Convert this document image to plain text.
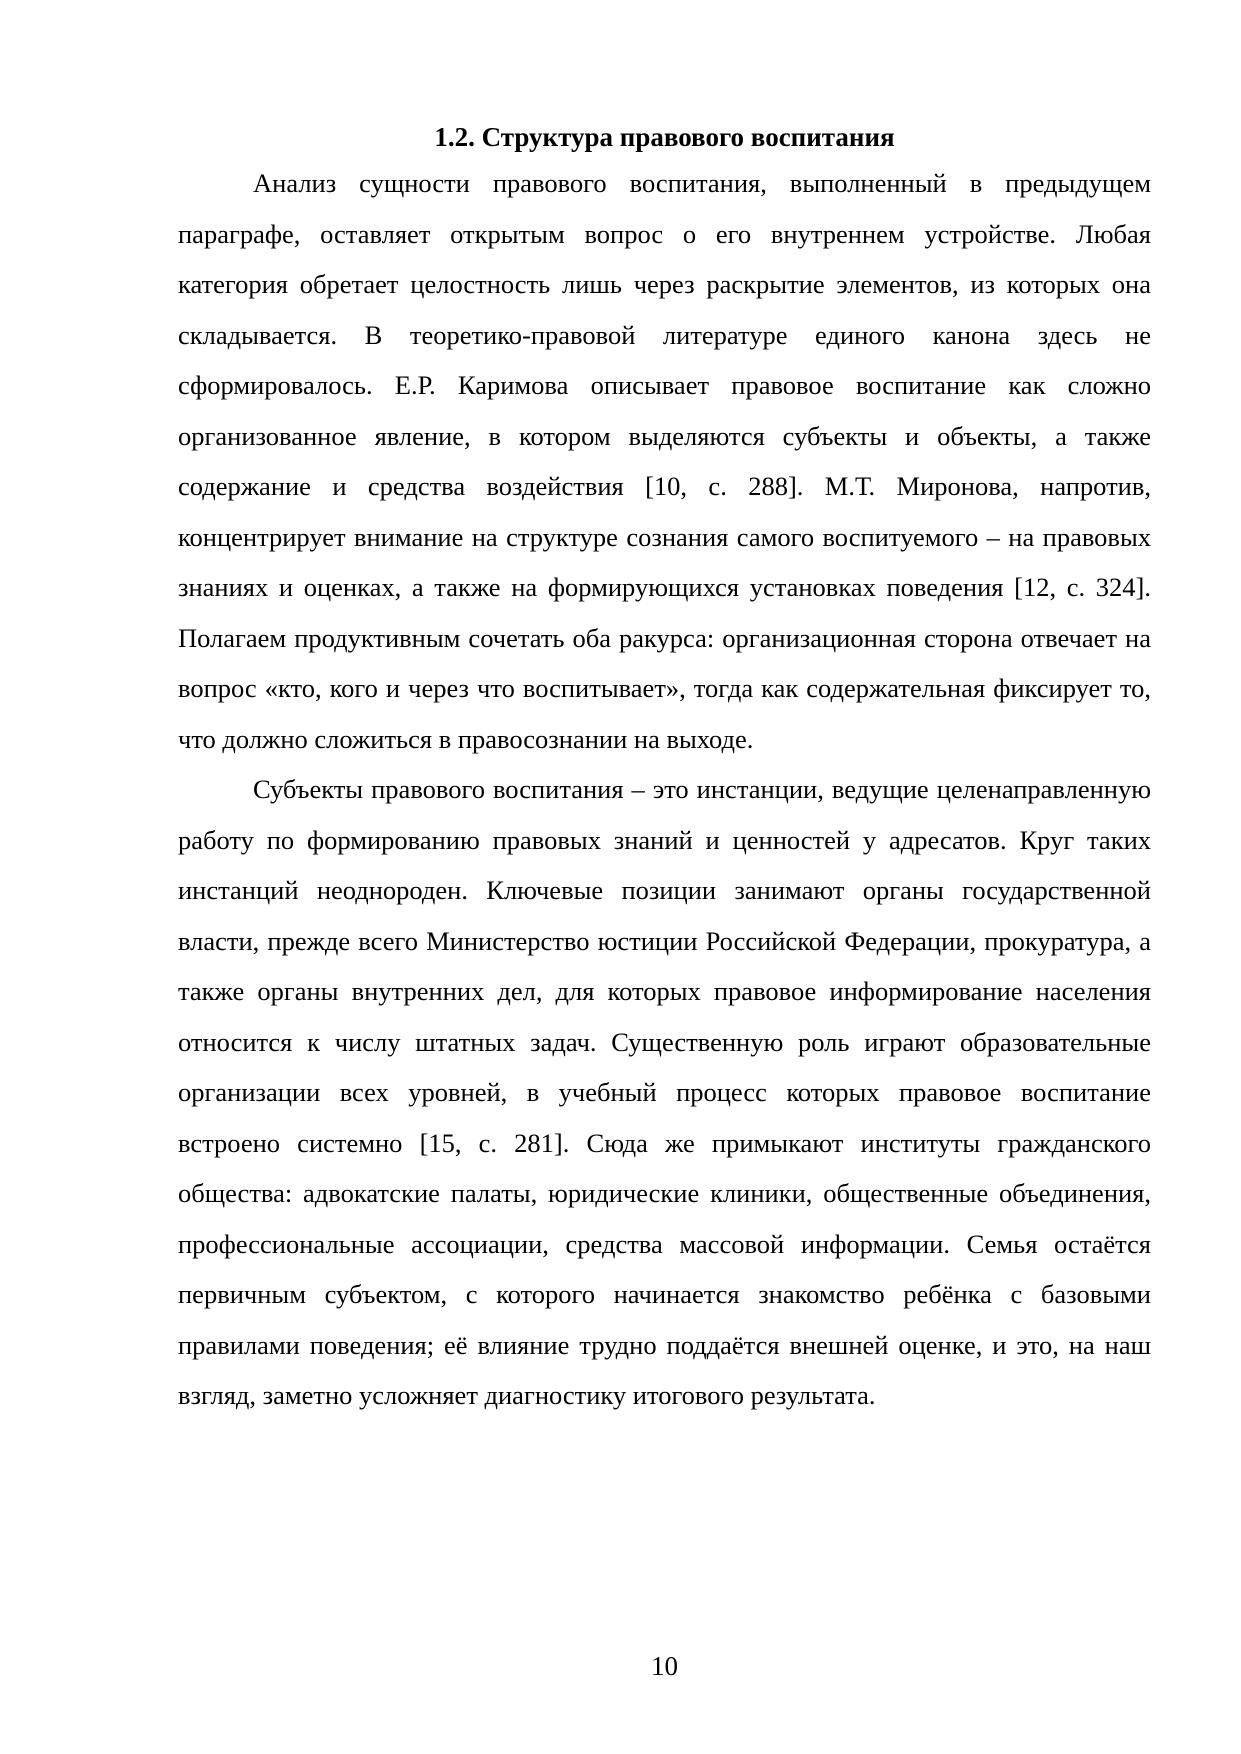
1.2. Структура правового воспитания

Анализ сущности правового воспитания, выполненный в предыдущем параграфе, оставляет открытым вопрос о его внутреннем устройстве. Любая категория обретает целостность лишь через раскрытие элементов, из которых она складывается. В теоретико-правовой литературе единого канона здесь не сформировалось. Е.Р. Каримова описывает правовое воспитание как сложно организованное явление, в котором выделяются субъекты и объекты, а также содержание и средства воздействия [10, с. 288]. М.Т. Миронова, напротив, концентрирует внимание на структуре сознания самого воспитуемого – на правовых знаниях и оценках, а также на формирующихся установках поведения [12, с. 324]. Полагаем продуктивным сочетать оба ракурса: организационная сторона отвечает на вопрос «кто, кого и через что воспитывает», тогда как содержательная фиксирует то, что должно сложиться в правосознании на выходе.

Субъекты правового воспитания – это инстанции, ведущие целенаправленную работу по формированию правовых знаний и ценностей у адресатов. Круг таких инстанций неоднороден. Ключевые позиции занимают органы государственной власти, прежде всего Министерство юстиции Российской Федерации, прокуратура, а также органы внутренних дел, для которых правовое информирование населения относится к числу штатных задач. Существенную роль играют образовательные организации всех уровней, в учебный процесс которых правовое воспитание встроено системно [15, с. 281]. Сюда же примыкают институты гражданского общества: адвокатские палаты, юридические клиники, общественные объединения, профессиональные ассоциации, средства массовой информации. Семья остаётся первичным субъектом, с которого начинается знакомство ребёнка с базовыми правилами поведения; её влияние трудно поддаётся внешней оценке, и это, на наш взгляд, заметно усложняет диагностику итогового результата.

10
